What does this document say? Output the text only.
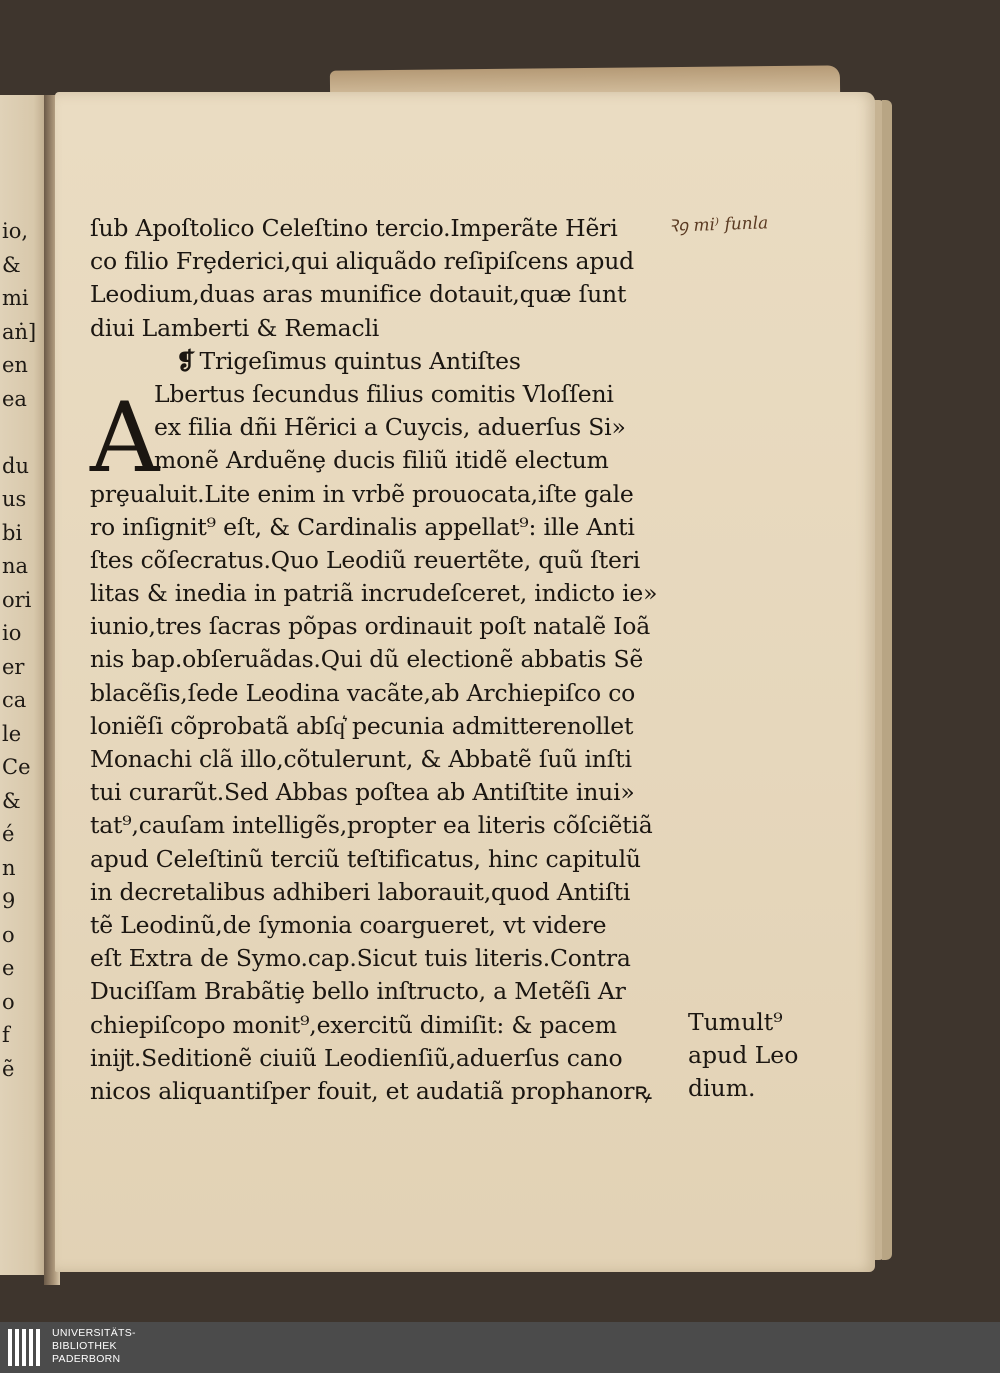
io,
&
mi
aṅ]
en
ea
du
us
bi
na
ori
io
er
ca
le
Ce
&
é
n
9
o
e
o
f
ẽ
ſub Apoſtolico Celeſtino tercio.Imperãte Hẽri
co filio Frȩderici,qui aliquãdo reſipiſcens apud
Leodium,duas aras munifice dotauit,quæ ſunt
diui Lamberti & Remacli
❡ Trigeſimus quintus Antiſtes
Lbertus ſecundus filius comitis Vloſſeni
ex filia dñi Hẽrici a Cuycis, aduerſus Si»
monẽ Arduẽnȩ ducis filiũ itidẽ electum
prȩualuit.Lite enim in vrbẽ prouocata,iſte gale
ro inſignit⁹ eſt, & Cardinalis appellat⁹: ille Anti
ſtes cõſecratus.Quo Leodiũ reuertẽte, quũ ſteri
litas & inedia in patriã incrudeſceret, indicto ie»
iunio,tres ſacras põpas ordinauit poſt natalẽ Ioã
nis bap.obſeruãdas.Qui dũ electionẽ abbatis Sẽ
blacẽſis,ſede Leodina vacãte,ab Archiepiſco co
loniẽſi cõprobatã abſq͛ pecunia admitterenollet
Monachi clã illo,cõtulerunt, & Abbatẽ ſuũ inſti
tui curarũt.Sed Abbas poſtea ab Antiſtite inui»
tat⁹,cauſam intelligẽs,propter ea literis cõſciẽtiã
apud Celeſtinũ terciũ teſtificatus, hinc capitulũ
in decretalibus adhiberi laborauit,quod Antiſti
tẽ Leodinũ,de ſymonia coargueret, vt videre
eſt Extra de Symo.cap.Sicut tuis literis.Contra
Duciſſam Brabãtiȩ bello inſtructo, a Metẽſi Ar
chiepiſcopo monit⁹,exercitũ dimiſit: & pacem
inĳt.Seditionẽ ciuiũ Leodienſiũ,aduerſus cano
nicos aliquantiſper fouit, et audatiã prophanorꝶ
A
Ꝛꝯ mi⁾ funla
Tumult⁹
apud Leo
dium.
UNIVERSITÄTS-
BIBLIOTHEK
PADERBORN
